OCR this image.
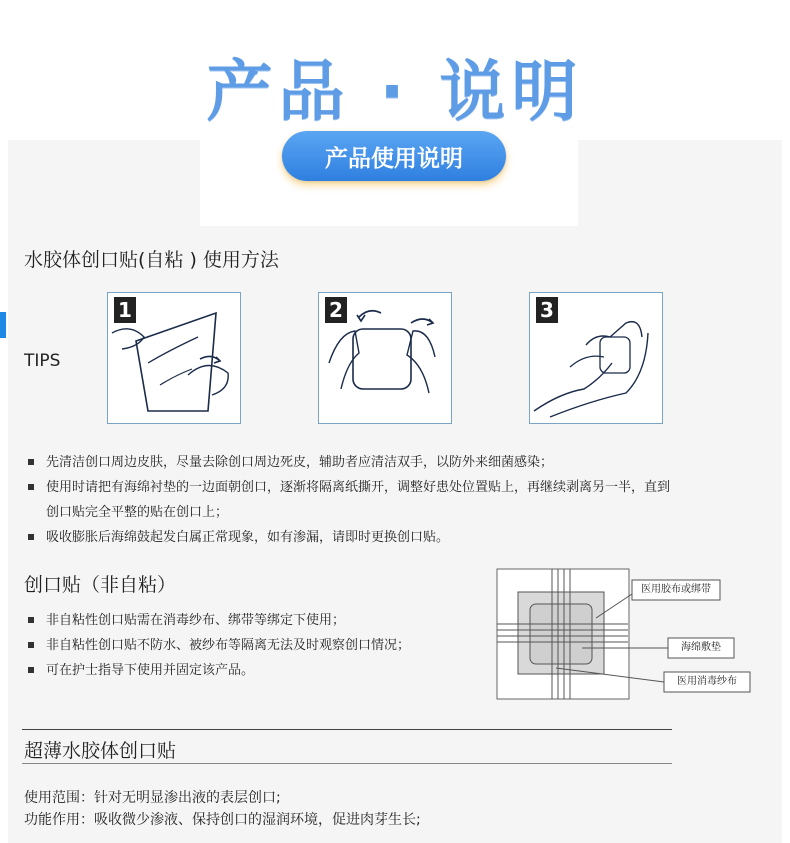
产品 · 说明
产品使用说明
水胶体创口贴(自粘 ) 使用方法
TIPS
1	2	3
先清洁创口周边皮肤，尽量去除创口周边死皮，辅助者应清洁双手，以防外来细菌感染；
使用时请把有海绵衬垫的一边面朝创口，逐渐将隔离纸撕开，调整好患处位置贴上，再继续剥离另一半，直到
创口贴完全平整的贴在创口上；
吸收膨胀后海绵鼓起发白属正常现象，如有渗漏，请即时更换创口贴。
创口贴（非自粘）
非自粘性创口贴需在消毒纱布、绑带等绑定下使用；
非自粘性创口贴不防水、被纱布等隔离无法及时观察创口情况；
可在护士指导下使用并固定该产品。
医用胶布或绑带
海绵敷垫
医用消毒纱布
超薄水胶体创口贴
使用范围：针对无明显渗出液的表层创口;
功能作用：吸收微少渗液、保持创口的湿润环境，促进肉芽生长;
